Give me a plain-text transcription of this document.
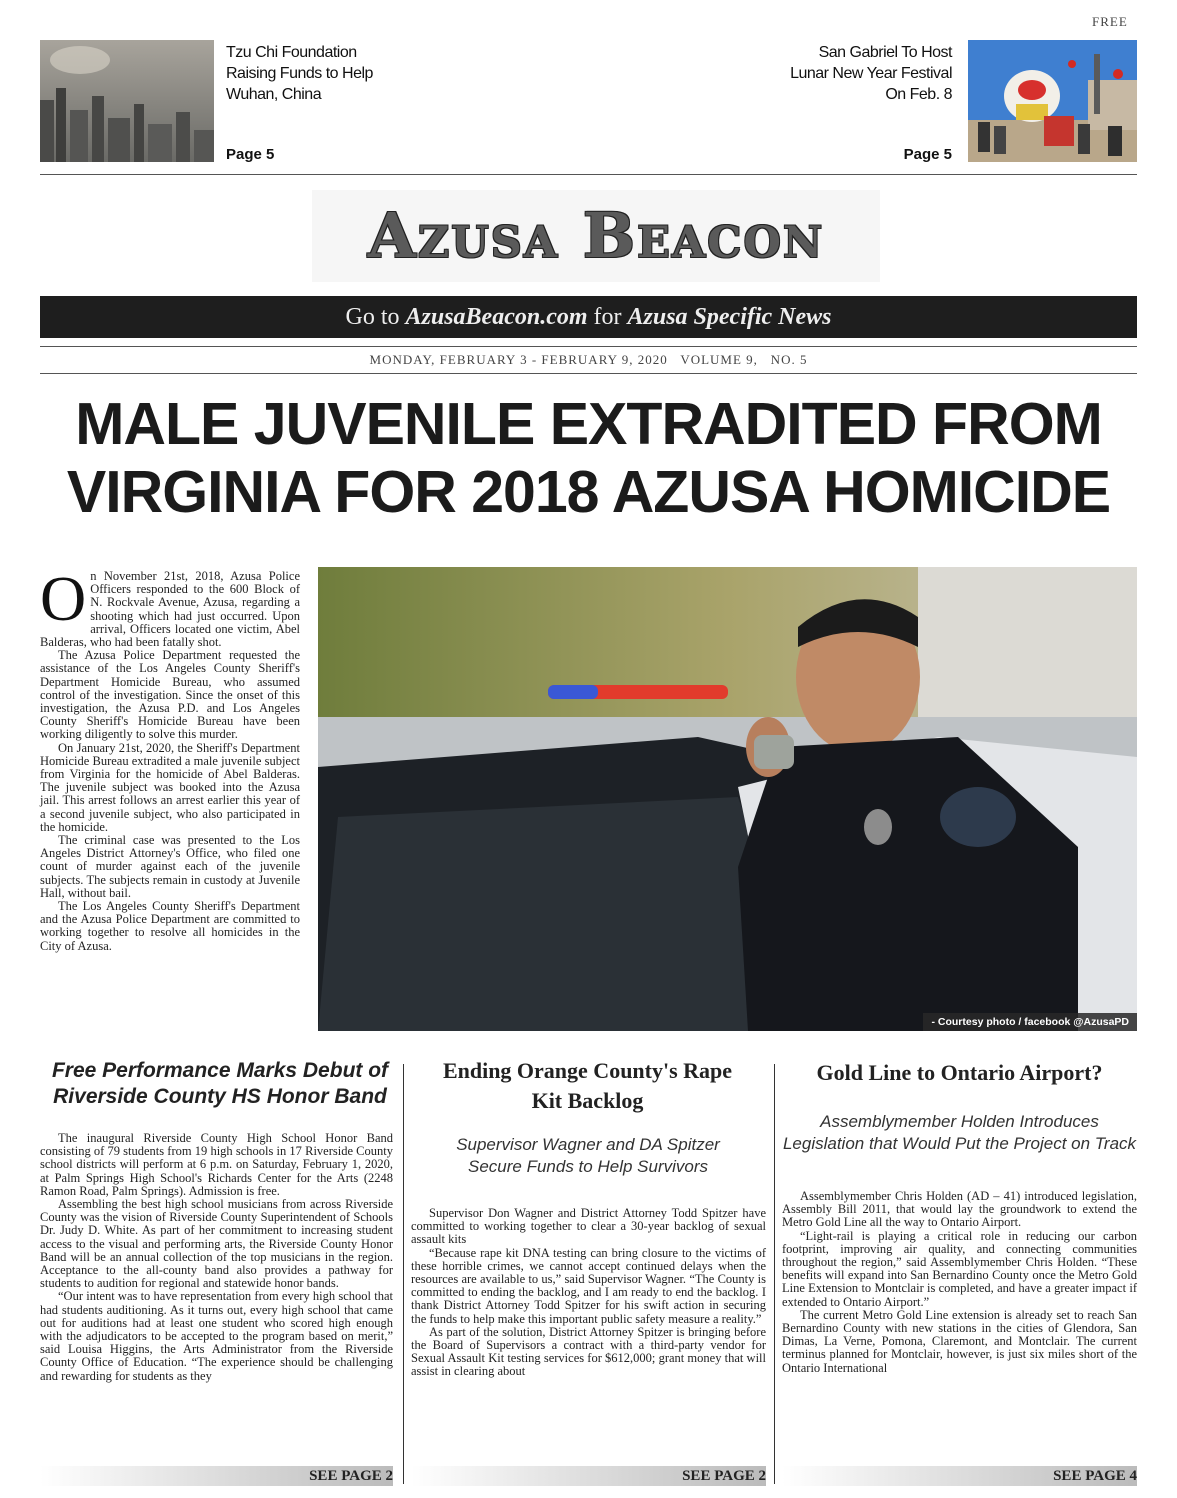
FREE
Tzu Chi Foundation Raising Funds to Help Wuhan, China
Page 5
San Gabriel To Host Lunar New Year Festival On Feb. 8
Page 5
Azusa Beacon
Go to AzusaBeacon.com for Azusa Specific News
MONDAY, FEBRUARY 3 - FEBRUARY 9, 2020   VOLUME 9,   NO. 5
MALE JUVENILE EXTRADITED FROM
VIRGINIA FOR 2018 AZUSA HOMICIDE

On November 21st, 2018, Azusa Police Officers responded to the 600 Block of N. Rockvale Avenue, Azusa, regarding a shooting which had just occurred. Upon arrival, Officers located one victim, Abel Balderas, who had been fatally shot.

The Azusa Police Department requested the assistance of the Los Angeles County Sheriff's Department Homicide Bureau, who assumed control of the investigation. Since the onset of this investigation, the Azusa P.D. and Los Angeles County Sheriff's Homicide Bureau have been working diligently to solve this murder.

On January 21st, 2020, the Sheriff's Department Homicide Bureau extradited a male juvenile subject from Virginia for the homicide of Abel Balderas. The juvenile subject was booked into the Azusa jail. This arrest follows an arrest earlier this year of a second juvenile subject, who also participated in the homicide.

The criminal case was presented to the Los Angeles District Attorney's Office, who filed one count of murder against each of the juvenile subjects. The subjects remain in custody at Juvenile Hall, without bail.

The Los Angeles County Sheriff's Department and the Azusa Police Department are committed to working together to resolve all homicides in the City of Azusa.

- Courtesy photo / facebook @AzusaPD
Free Performance Marks Debut of Riverside County HS Honor Band

The inaugural Riverside County High School Honor Band consisting of 79 students from 19 high schools in 17 Riverside County school districts will perform at 6 p.m. on Saturday, February 1, 2020, at Palm Springs High School's Richards Center for the Arts (2248 Ramon Road, Palm Springs). Admission is free.

Assembling the best high school musicians from across Riverside County was the vision of Riverside County Superintendent of Schools Dr. Judy D. White. As part of her commitment to increasing student access to the visual and performing arts, the Riverside County Honor Band will be an annual collection of the top musicians in the region. Acceptance to the all-county band also provides a pathway for students to audition for regional and statewide honor bands.

“Our intent was to have representation from every high school that had students auditioning. As it turns out, every high school that came out for auditions had at least one student who scored high enough with the adjudicators to be accepted to the program based on merit,” said Louisa Higgins, the Arts Administrator from the Riverside County Office of Education. “The experience should be challenging and rewarding for students as they

SEE PAGE 2
Ending Orange County's Rape Kit Backlog
Supervisor Wagner and DA Spitzer Secure Funds to Help Survivors

Supervisor Don Wagner and District Attorney Todd Spitzer have committed to working together to clear a 30-year backlog of sexual assault kits

“Because rape kit DNA testing can bring closure to the victims of these horrible crimes, we cannot accept continued delays when the resources are available to us,” said Supervisor Wagner. “The County is committed to ending the backlog, and I am ready to end the backlog. I thank District Attorney Todd Spitzer for his swift action in securing the funds to help make this important public safety measure a reality.”

As part of the solution, District Attorney Spitzer is bringing before the Board of Supervisors a contract with a third-party vendor for Sexual Assault Kit testing services for $612,000; grant money that will assist in clearing about

SEE PAGE 2
Gold Line to Ontario Airport?
Assemblymember Holden Introduces Legislation that Would Put the Project on Track

Assemblymember Chris Holden (AD – 41) introduced legislation, Assembly Bill 2011, that would lay the groundwork to extend the Metro Gold Line all the way to Ontario Airport.

“Light-rail is playing a critical role in reducing our carbon footprint, improving air quality, and connecting communities throughout the region,” said Assemblymember Chris Holden. “These benefits will expand into San Bernardino County once the Metro Gold Line Extension to Montclair is completed, and have a greater impact if extended to Ontario Airport.”

The current Metro Gold Line extension is already set to reach San Bernardino County with new stations in the cities of Glendora, San Dimas, La Verne, Pomona, Claremont, and Montclair. The current terminus planned for Montclair, however, is just six miles short of the Ontario International

SEE PAGE 4
